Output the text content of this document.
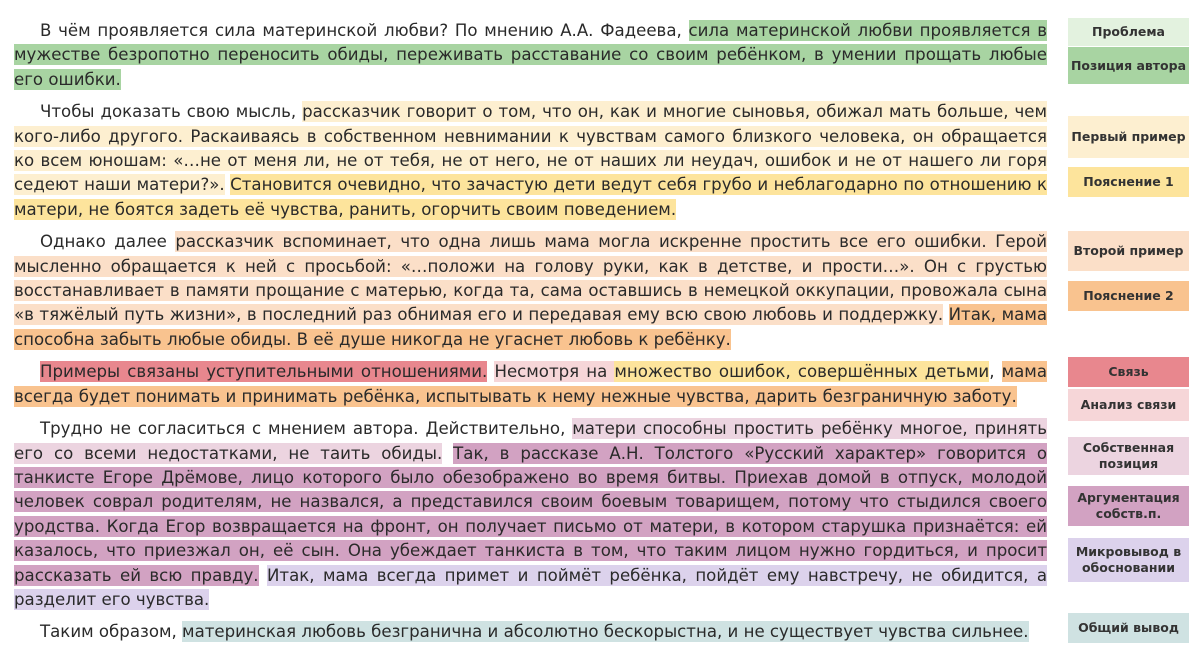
В чём проявляется сила материнской любви? По мнению А.А. Фадеева, сила материнской любви проявляется в мужестве безропотно переносить обиды, переживать расставание со своим ребёнком, в умении прощать любые его ошибки.

Чтобы доказать свою мысль, рассказчик говорит о том, что он, как и многие сыновья, обижал мать больше, чем кого-либо другого. Раскаиваясь в собственном невнимании к чувствам самого близкого человека, он обращается ко всем юношам: «…не от меня ли, не от тебя, не от него, не от наших ли неудач, ошибок и не от нашего ли горя седеют наши матери?». Становится очевидно, что зачастую дети ведут себя грубо и неблагодарно по отношению к матери, не боятся задеть её чувства, ранить, огорчить своим поведением.

Однако далее рассказчик вспоминает, что одна лишь мама могла искренне простить все его ошибки. Герой мысленно обращается к ней с просьбой: «…положи на голову руки, как в детстве, и прости…». Он с грустью восстанавливает в памяти прощание с матерью, когда та, сама оставшись в немецкой оккупации, провожала сына «в тяжёлый путь жизни», в последний раз обнимая его и передавая ему всю свою любовь и поддержку. Итак, мама способна забыть любые обиды. В её душе никогда не угаснет любовь к ребёнку.

Примеры связаны уступительными отношениями. Несмотря на множество ошибок, совершённых детьми, мама всегда будет понимать и принимать ребёнка, испытывать к нему нежные чувства, дарить безграничную заботу.

Трудно не согласиться с мнением автора. Действительно, матери способны простить ребёнку многое, принять его со всеми недостатками, не таить обиды. Так, в рассказе А.Н. Толстого «Русский характер» говорится о танкисте Егоре Дрёмове, лицо которого было обезображено во время битвы. Приехав домой в отпуск, молодой человек соврал родителям, не назвался, а представился своим боевым товарищем, потому что стыдился своего уродства. Когда Егор возвращается на фронт, он получает письмо от матери, в котором старушка признаётся: ей казалось, что приезжал он, её сын. Она убеждает танкиста в том, что таким лицом нужно гордиться, и просит рассказать ей всю правду. Итак, мама всегда примет и поймёт ребёнка, пойдёт ему навстречу, не обидится, а разделит его чувства.

Таким образом, материнская любовь безгранична и абсолютно бескорыстна, и не существует чувства сильнее.

Проблема
Позиция автора
Первый пример
Пояснение 1
Второй пример
Пояснение 2
Связь
Анализ связи
Собственная позиция
Аргументация собств.п.
Микровывод в обосновании
Общий вывод
